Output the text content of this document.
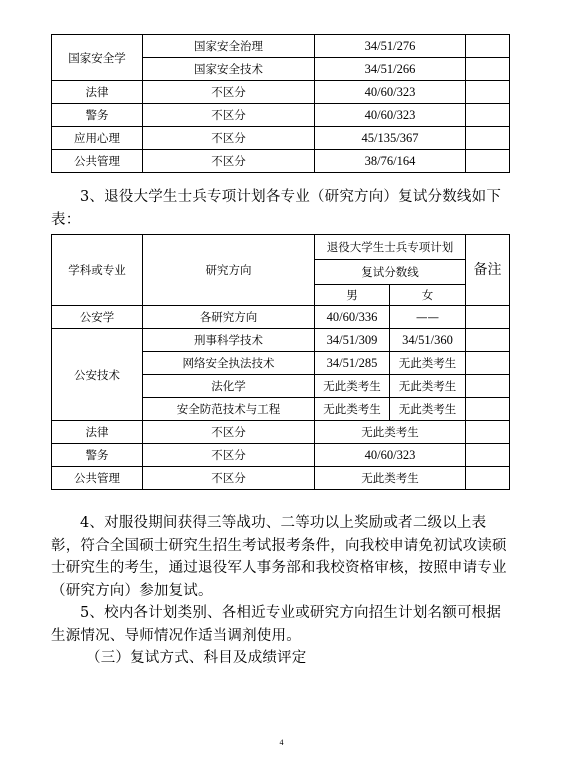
国家安全学	国家安全治理	34/51/276	
	国家安全技术	34/51/266	
法律	不区分	40/60/323	
警务	不区分	40/60/323	
应用心理	不区分	45/135/367	
公共管理	不区分	38/76/164	

3、退役大学生士兵专项计划各专业（研究方向）复试分数线如下表：

学科或专业	研究方向	退役大学生士兵专项计划		备注
		复试分数线		
		男	女	
公安学	各研究方向	40/60/336	——	
公安技术	刑事科学技术	34/51/309	34/51/360	
	网络安全执法技术	34/51/285	无此类考生	
	法化学	无此类考生	无此类考生	
	安全防范技术与工程	无此类考生	无此类考生	
法律	不区分	无此类考生		
警务	不区分	40/60/323		
公共管理	不区分	无此类考生		

4、对服役期间获得三等战功、二等功以上奖励或者二级以上表彰，符合全国硕士研究生招生考试报考条件，向我校申请免初试攻读硕士研究生的考生，通过退役军人事务部和我校资格审核，按照申请专业（研究方向）参加复试。

5、校内各计划类别、各相近专业或研究方向招生计划名额可根据生源情况、导师情况作适当调剂使用。

（三）复试方式、科目及成绩评定

4
